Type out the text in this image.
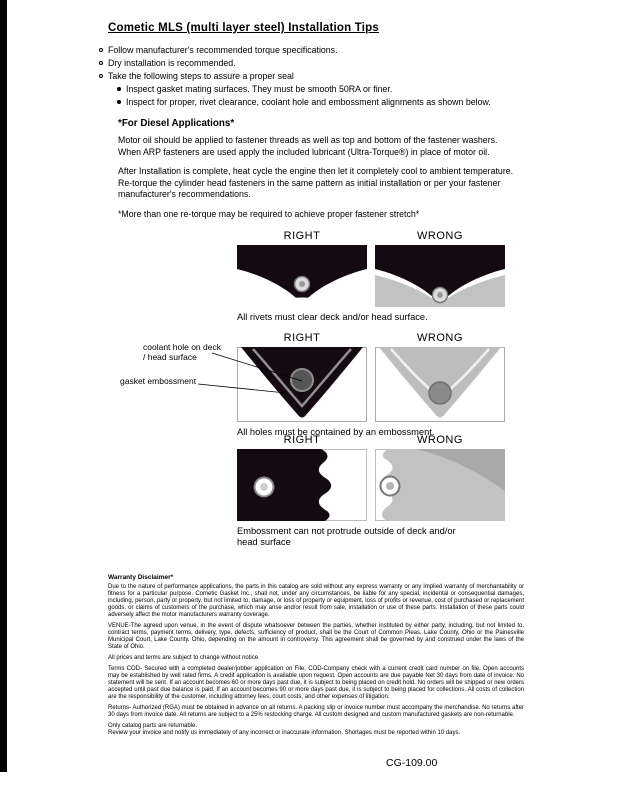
Cometic MLS (multi layer steel) Installation Tips
Follow manufacturer's recommended torque specifications.
Dry installation is recommended.
Take the following steps to assure a proper seal
Inspect gasket mating surfaces. They must be smooth 50RA or finer.
Inspect for proper, rivet clearance, coolant hole and embossment alignments as shown below.
*For Diesel Applications*
Motor oil should be applied to fastener threads as well as top and bottom of the fastener washers. When ARP fasteners are used apply the included lubricant (Ultra-Torque®) in place of motor oil.
After Installation is complete, heat cycle the engine then let it completely cool to ambient temperature. Re-torque the cylinder head fasteners in the same pattern as initial installation or per your fastener manufacturer's recommendations.
*More than one re-torque may be required to achieve proper fastener stretch*
RIGHT	WRONG
All rivets must clear deck and/or head surface.
RIGHT	WRONG
All holes must be contained by an embossment.
coolant hole on deck / head surface
gasket embossment
RIGHT	WRONG
Embossment can not protrude outside of deck and/or head surface
Warranty Disclaimer*

Due to the nature of performance applications, the parts in this catalog are sold without any express warranty or any implied warranty of merchantability or fitness for a particular purpose. Cometic Gasket Inc., shall not, under any circumstances, be liable for any special, incidental or consequential damages, including, person, party or property, but not limited to, damage, or loss of property or equipment, loss of profits or revenue, cost of purchased or replacement goods, or claims of customers of the purchase, which may arise and/or result from sale, installation or use of these parts. Installation of these parts could adversely affect the motor manufacturers warranty coverage.

VENUE-The agreed upon venue, in the event of dispute whatsoever between the parties, whether instituted by either party, including, but not limited to, contract terms, payment terms, delivery, type, defects, sufficiency of product, shall be the Court of Common Pleas, Lake County, Ohio or the Painesville Municipal Court, Lake County, Ohio, depending on the amount in controversy. This agreement shall be governed by and construed under the laws of the State of Ohio.

All prices and terms are subject to change without notice.

Terms COD- Secured with a completed dealer/jobber application on File, COD-Company check with a current credit card number on file. Open accounts may be established by well rated firms. A credit application is available upon request. Open accounts are due payable Net 30 days from date of invoice. No statement will be sent. If an account becomes 60 or more days past due, it is subject to being placed on credit hold. No orders will be shipped or new orders accepted until past due balance is paid. If an account becomes 90 or more days past due, it is subject to being placed for collections. All costs of collection are the responsibility of the customer, including attorney fees, court costs, and other expenses of litigation.

Returns- Authorized (RGA) must be obtained in advance on all returns. A packing slip or invoice number must accompany the merchandise. No returns after 30 days from invoice date. All returns are subject to a 25% restocking charge. All custom designed and custom manufactured gaskets are non-returnable.

Only catalog parts are returnable.

Review your invoice and notify us immediately of any incorrect or inaccurate information. Shortages must be reported within 10 days.

CG-109.00
